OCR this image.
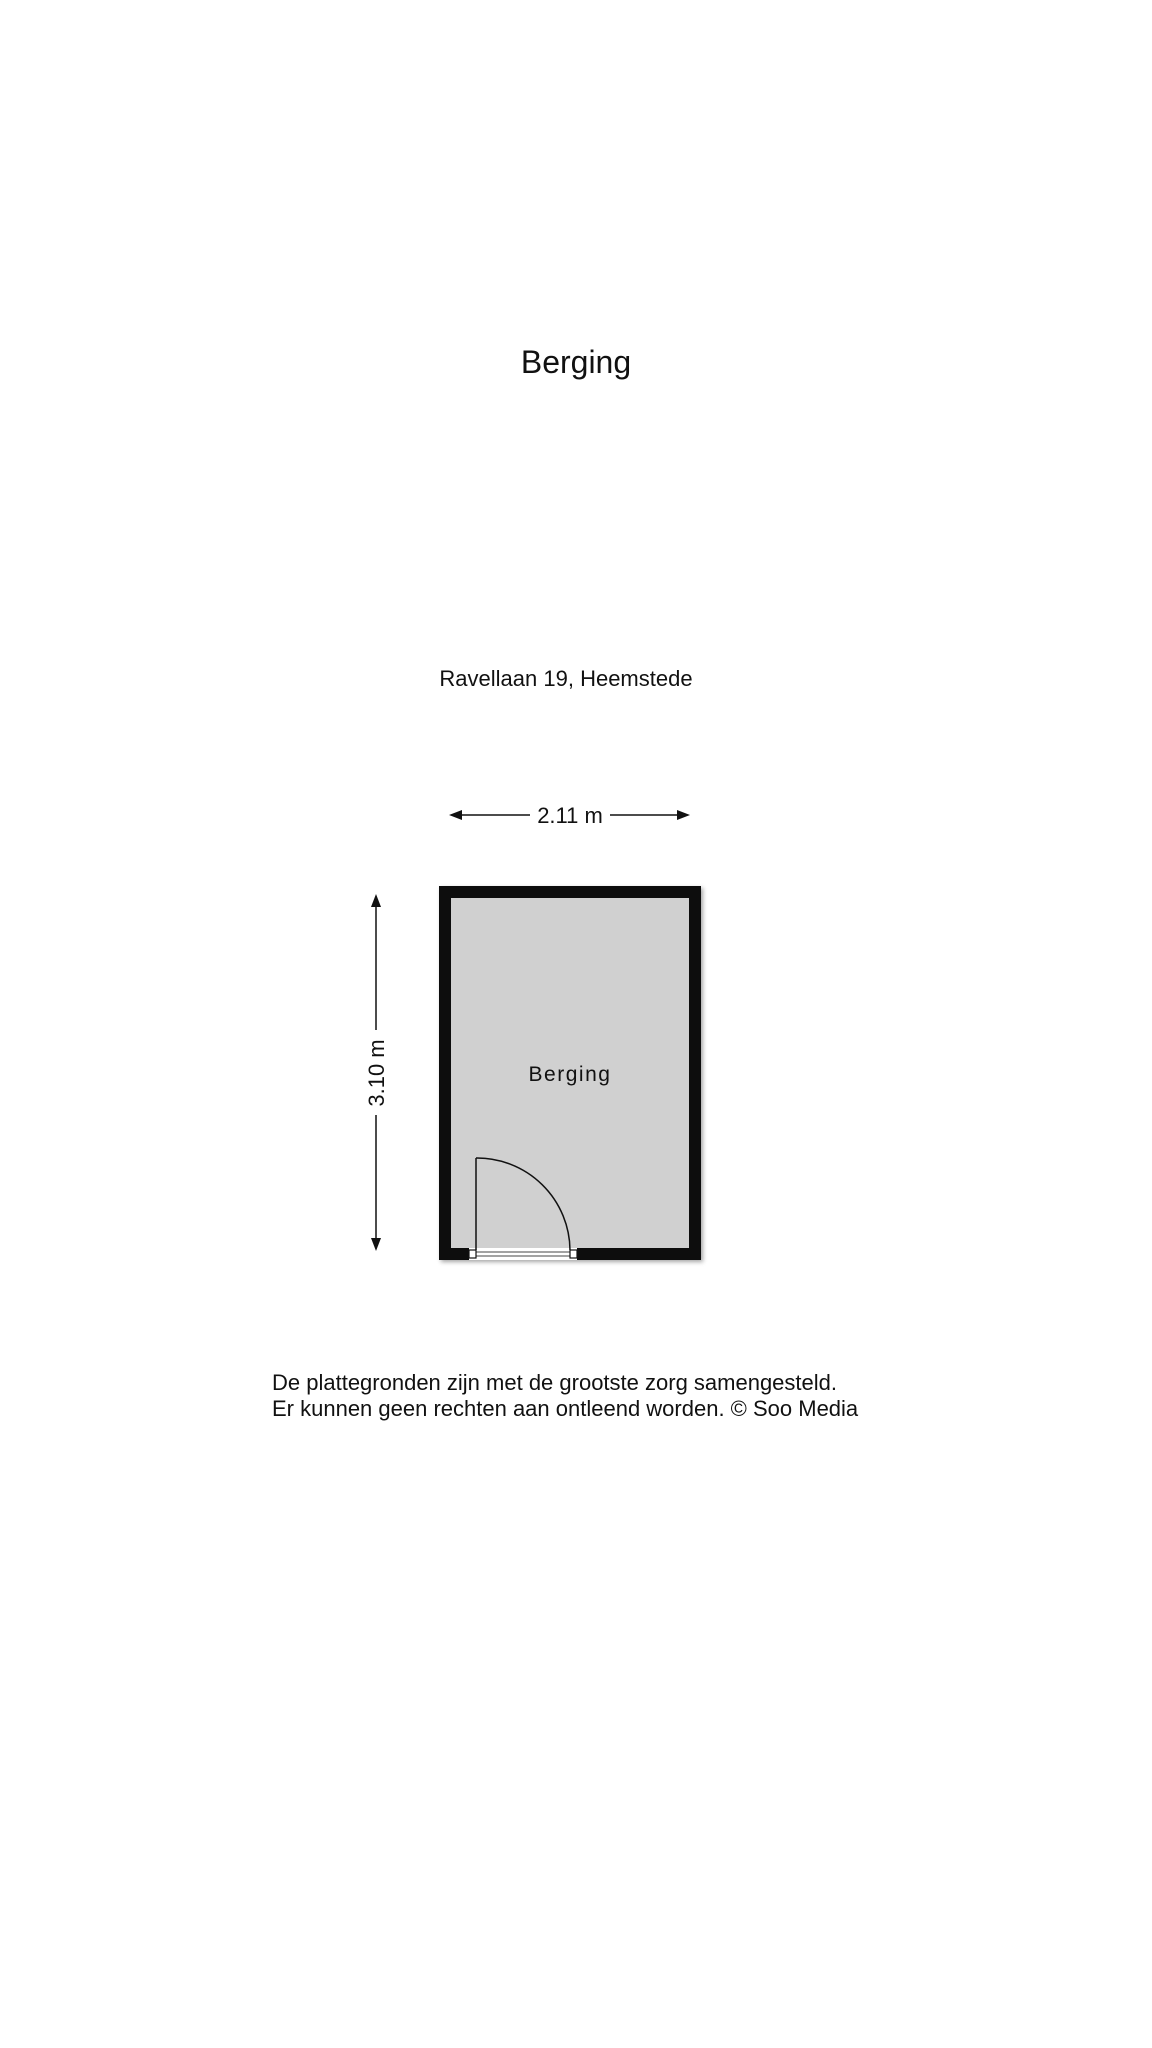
Berging
Ravellaan 19, Heemstede
2.11 m
3.10 m	Berging
De plattegronden zijn met de grootste zorg samengesteld.
Er kunnen geen rechten aan ontleend worden. © Soo Media
